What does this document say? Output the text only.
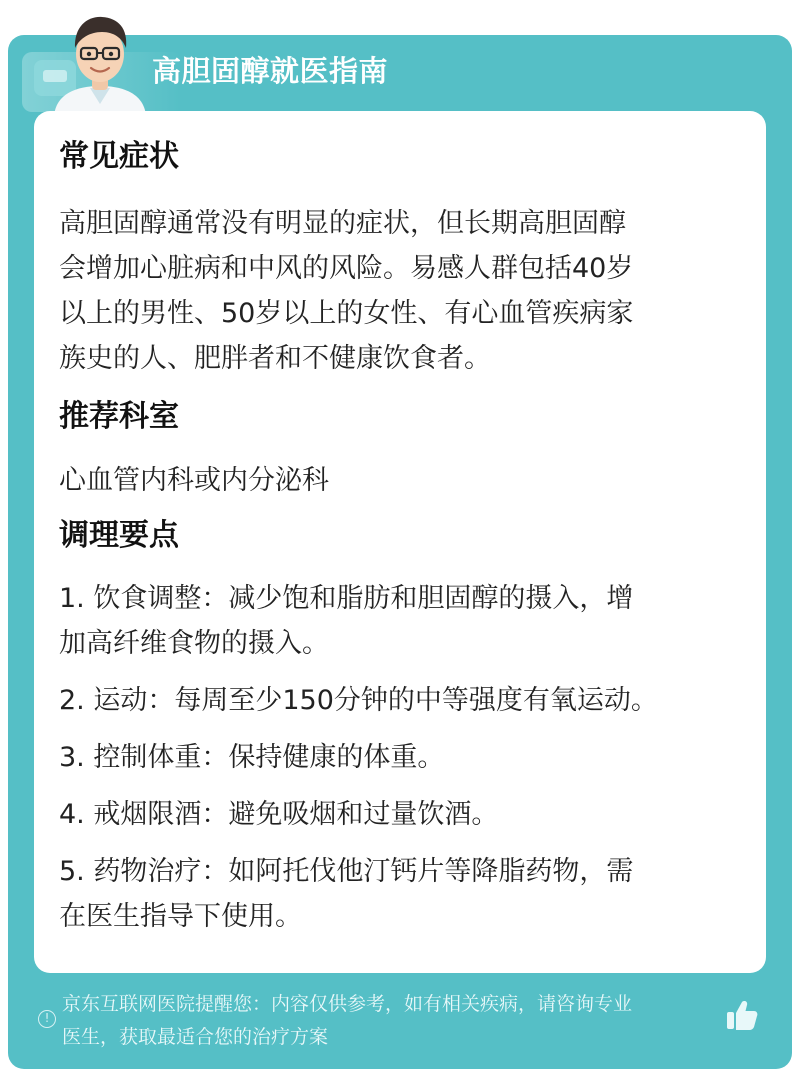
高胆固醇就医指南
常见症状
高胆固醇通常没有明显的症状，但长期高胆固醇
会增加心脏病和中风的风险。易感人群包括40岁
以上的男性、50岁以上的女性、有心血管疾病家
族史的人、肥胖者和不健康饮食者。
推荐科室
心血管内科或内分泌科
调理要点
1. 饮食调整：减少饱和脂肪和胆固醇的摄入，增
加高纤维食物的摄入。
2. 运动：每周至少150分钟的中等强度有氧运动。
3. 控制体重：保持健康的体重。
4. 戒烟限酒：避免吸烟和过量饮酒。
5. 药物治疗：如阿托伐他汀钙片等降脂药物，需
在医生指导下使用。
!
京东互联网医院提醒您：内容仅供参考，如有相关疾病，请咨询专业
医生，获取最适合您的治疗方案
